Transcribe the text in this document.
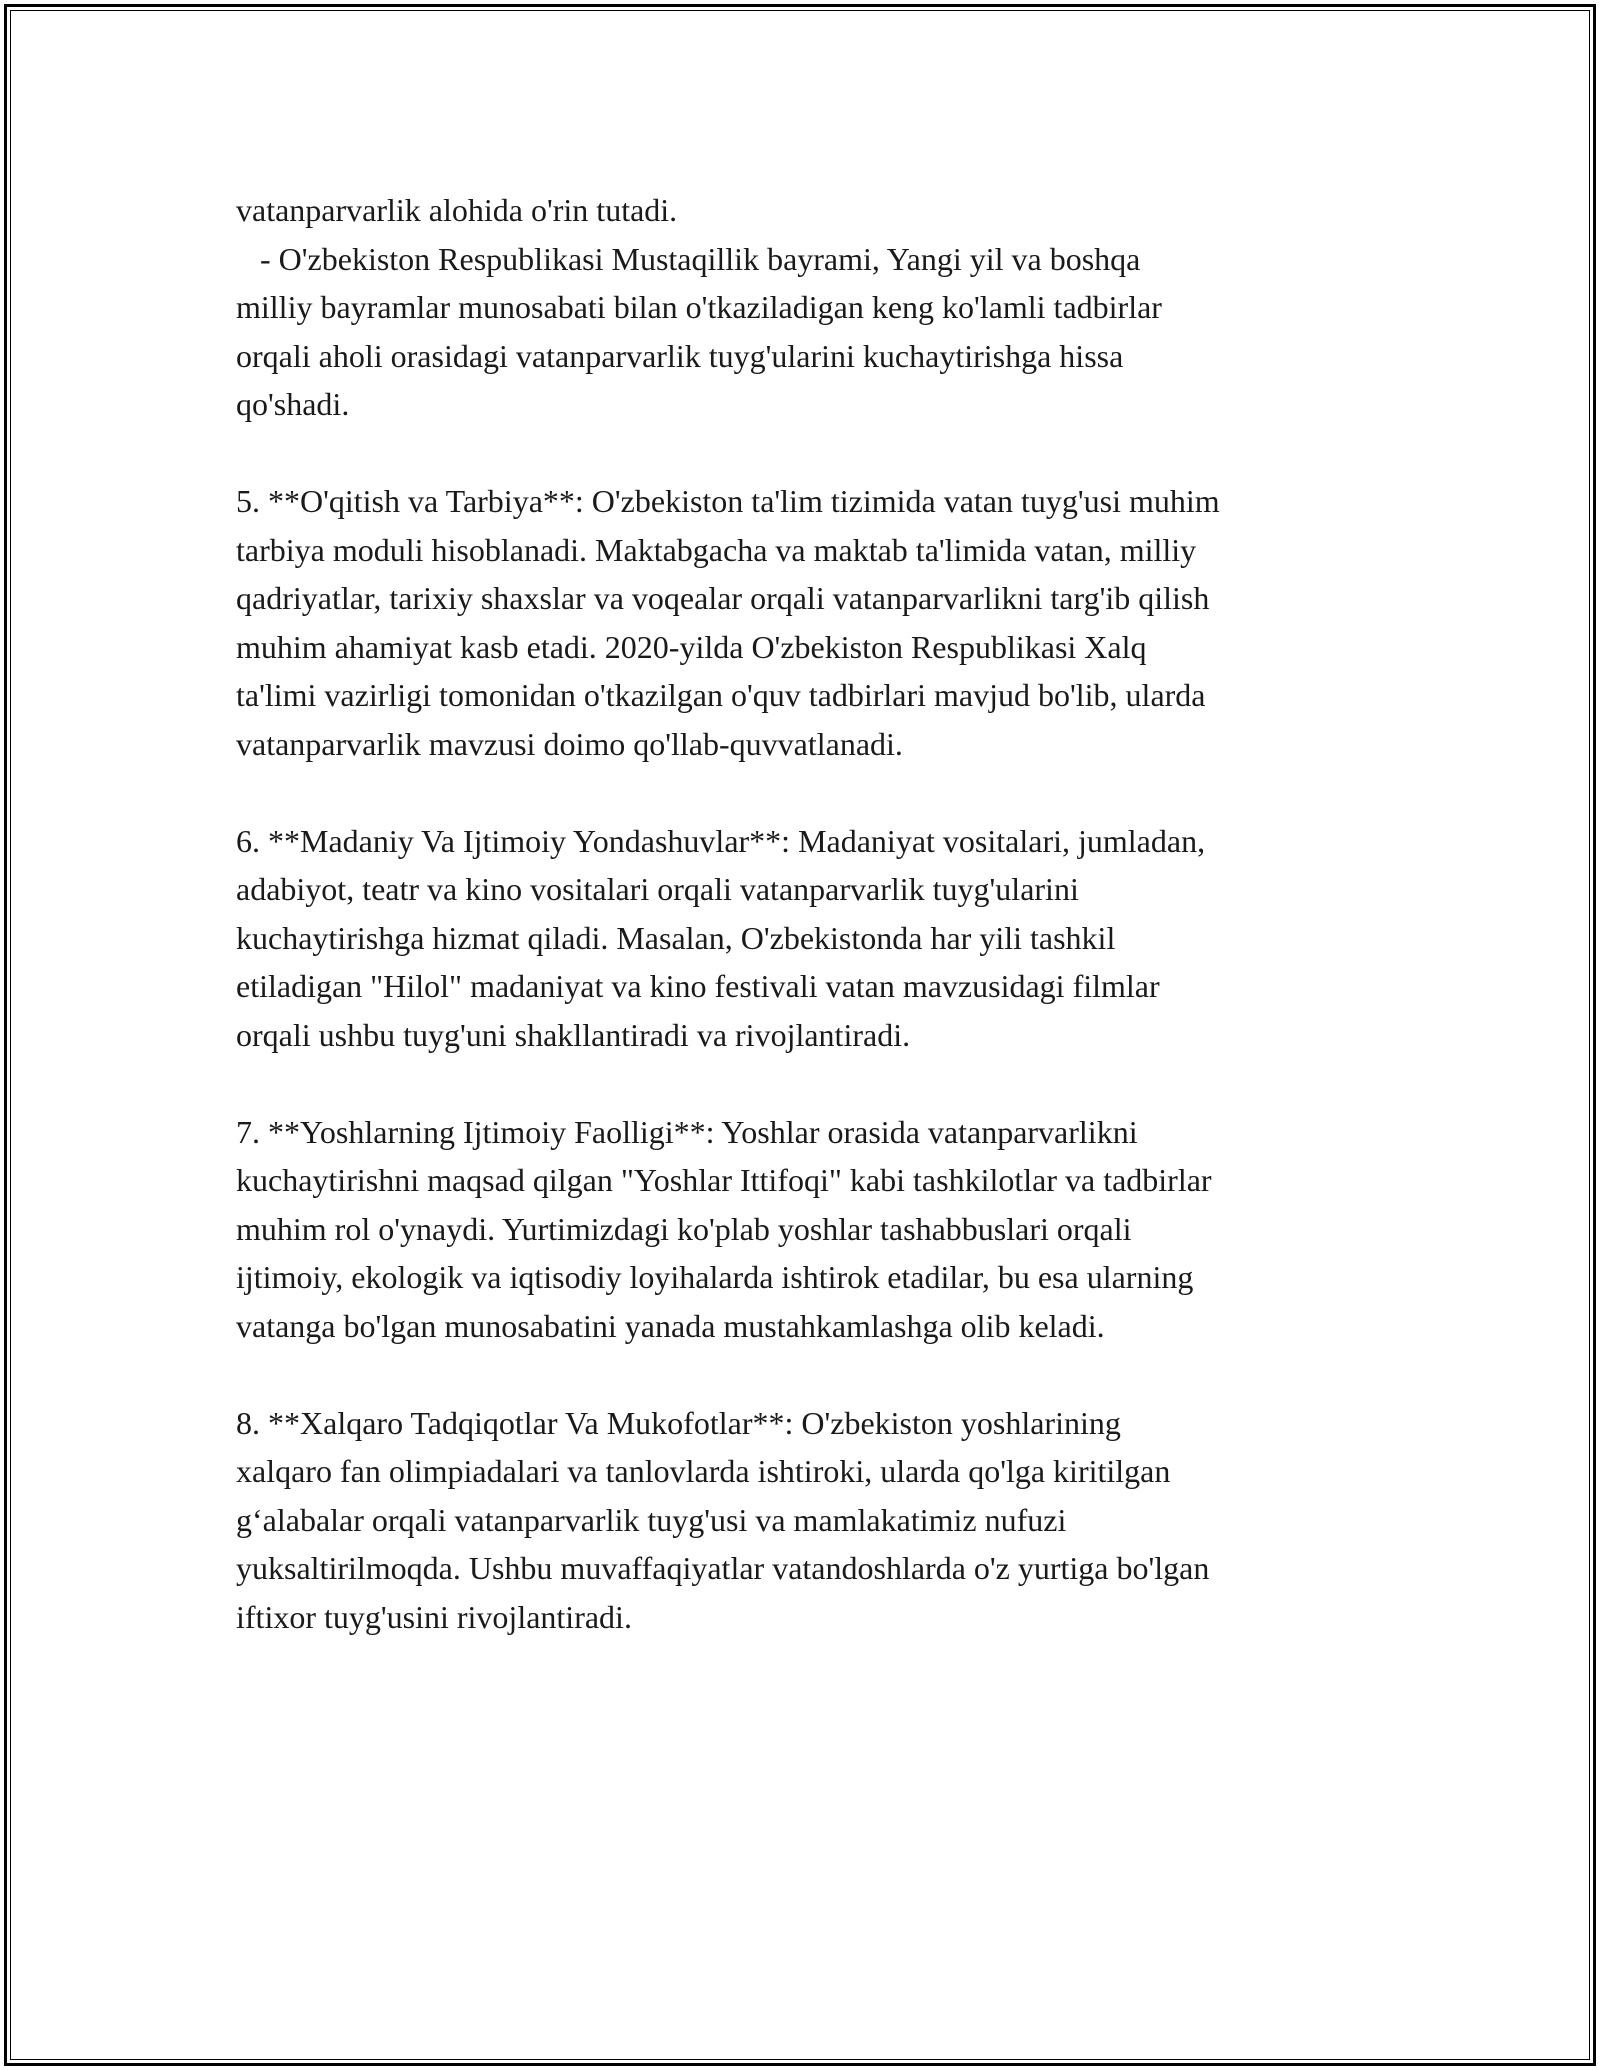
vatanparvarlik alohida o'rin tutadi.
- O'zbekiston Respublikasi Mustaqillik bayrami, Yangi yil va boshqa
milliy bayramlar munosabati bilan o'tkaziladigan keng ko'lamli tadbirlar
orqali aholi orasidagi vatanparvarlik tuyg'ularini kuchaytirishga hissa
qo'shadi.
5. **O'qitish va Tarbiya**: O'zbekiston ta'lim tizimida vatan tuyg'usi muhim
tarbiya moduli hisoblanadi. Maktabgacha va maktab ta'limida vatan, milliy
qadriyatlar, tarixiy shaxslar va voqealar orqali vatanparvarlikni targ'ib qilish
muhim ahamiyat kasb etadi. 2020-yilda O'zbekiston Respublikasi Xalq
ta'limi vazirligi tomonidan o'tkazilgan o'quv tadbirlari mavjud bo'lib, ularda
vatanparvarlik mavzusi doimo qo'llab-quvvatlanadi.
6. **Madaniy Va Ijtimoiy Yondashuvlar**: Madaniyat vositalari, jumladan,
adabiyot, teatr va kino vositalari orqali vatanparvarlik tuyg'ularini
kuchaytirishga hizmat qiladi. Masalan, O'zbekistonda har yili tashkil
etiladigan "Hilol" madaniyat va kino festivali vatan mavzusidagi filmlar
orqali ushbu tuyg'uni shakllantiradi va rivojlantiradi.
7. **Yoshlarning Ijtimoiy Faolligi**: Yoshlar orasida vatanparvarlikni
kuchaytirishni maqsad qilgan "Yoshlar Ittifoqi" kabi tashkilotlar va tadbirlar
muhim rol o'ynaydi. Yurtimizdagi ko'plab yoshlar tashabbuslari orqali
ijtimoiy, ekologik va iqtisodiy loyihalarda ishtirok etadilar, bu esa ularning
vatanga bo'lgan munosabatini yanada mustahkamlashga olib keladi.
8. **Xalqaro Tadqiqotlar Va Mukofotlar**: O'zbekiston yoshlarining
xalqaro fan olimpiadalari va tanlovlarda ishtiroki, ularda qo'lga kiritilgan
g‘alabalar orqali vatanparvarlik tuyg'usi va mamlakatimiz nufuzi
yuksaltirilmoqda. Ushbu muvaffaqiyatlar vatandoshlarda o'z yurtiga bo'lgan
iftixor tuyg'usini rivojlantiradi.
